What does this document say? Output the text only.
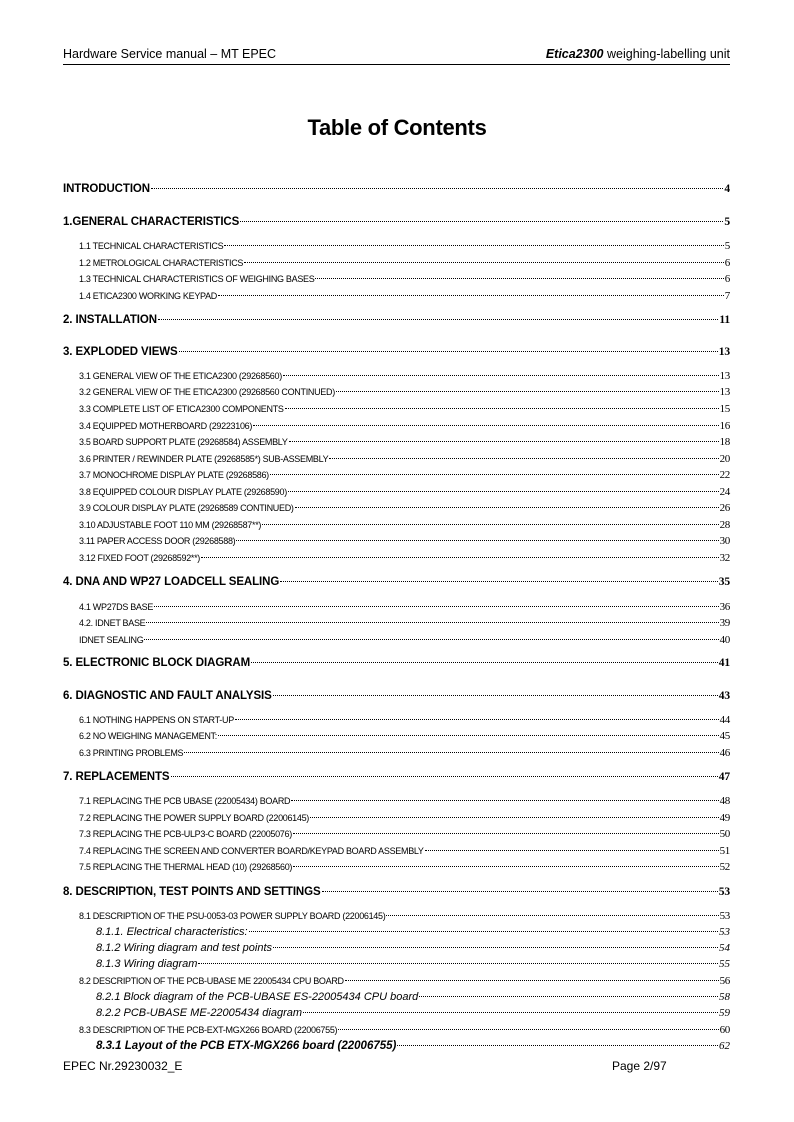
Hardware Service manual – MT EPEC	Etica2300 weighing-labelling unit
Table of Contents
INTRODUCTION	4
1.GENERAL CHARACTERISTICS	5
1.1 TECHNICAL CHARACTERISTICS	5
1.2 METROLOGICAL CHARACTERISTICS	6
1.3 TECHNICAL CHARACTERISTICS OF WEIGHING BASES	6
1.4 ETICA2300 WORKING KEYPAD	7
2. INSTALLATION	11
3. EXPLODED VIEWS	13
3.1 GENERAL VIEW OF THE ETICA2300 (29268560)	13
3.2 GENERAL VIEW OF THE ETICA2300 (29268560 CONTINUED)	13
3.3 COMPLETE LIST OF ETICA2300 COMPONENTS	15
3.4 EQUIPPED MOTHERBOARD (29223106)	16
3.5 BOARD SUPPORT PLATE (29268584) ASSEMBLY	18
3.6 PRINTER / REWINDER PLATE (29268585*) SUB-ASSEMBLY	20
3.7 MONOCHROME DISPLAY PLATE (29268586)	22
3.8 EQUIPPED COLOUR DISPLAY PLATE (29268590)	24
3.9 COLOUR DISPLAY PLATE (29268589 CONTINUED)	26
3.10 ADJUSTABLE FOOT 110 MM (29268587**)	28
3.11 PAPER ACCESS DOOR (29268588)	30
3.12 FIXED FOOT (29268592**)	32
4. DNA AND WP27 LOADCELL SEALING	35
4.1 WP27DS BASE	36
4.2. IDNET BASE	39
IDNET SEALING	40
5. ELECTRONIC BLOCK DIAGRAM	41
6. DIAGNOSTIC AND FAULT ANALYSIS	43
6.1 NOTHING HAPPENS ON START-UP	44
6.2 NO WEIGHING MANAGEMENT:	45
6.3 PRINTING PROBLEMS	46
7. REPLACEMENTS	47
7.1 REPLACING THE PCB UBASE (22005434) BOARD	48
7.2 REPLACING THE POWER SUPPLY BOARD (22006145)	49
7.3 REPLACING THE PCB-ULP3-C BOARD (22005076)	50
7.4 REPLACING THE SCREEN AND CONVERTER BOARD/KEYPAD BOARD ASSEMBLY	51
7.5 REPLACING THE THERMAL HEAD (10) (29268560)	52
8. DESCRIPTION, TEST POINTS AND SETTINGS	53
8.1 DESCRIPTION OF THE PSU-0053-03 POWER SUPPLY BOARD (22006145)	53
8.1.1. Electrical characteristics:	53
8.1.2 Wiring diagram and test points	54
8.1.3 Wiring diagram	55
8.2 DESCRIPTION OF THE PCB-UBASE ME 22005434 CPU BOARD	56
8.2.1 Block diagram of the PCB-UBASE ES-22005434 CPU board	58
8.2.2 PCB-UBASE ME-22005434 diagram	59
8.3 DESCRIPTION OF THE PCB-EXT-MGX266 BOARD (22006755)	60
8.3.1 Layout of the PCB ETX-MGX266 board (22006755)	62
EPEC Nr.29230032_E	Page 2/97
